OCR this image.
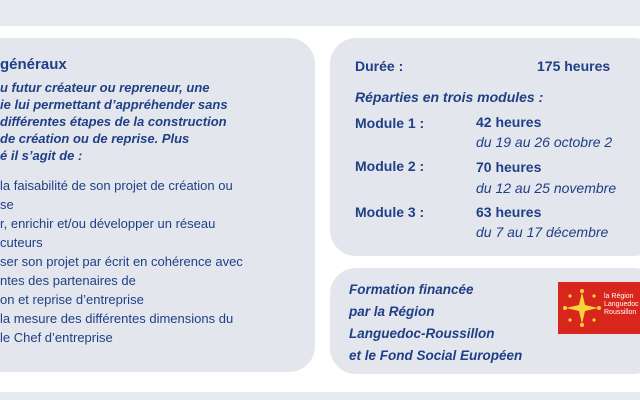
généraux
u futur créateur ou repreneur, une
ie lui permettant d’appréhender sans
différentes étapes de la construction
de création ou de reprise. Plus
é il s’agit de :
la faisabilité de son projet de création ou
se
r, enrichir et/ou développer un réseau
cuteurs
ser son projet par écrit en cohérence avec
ntes des partenaires de
on et reprise d’entreprise
la mesure des différentes dimensions du
le Chef d’entreprise
Durée :	175 heures
Réparties en trois modules :
Module 1 :	42 heures
du 19 au 26 octobre 2
Module 2 :	70 heures
du 12 au 25 novembre
Module 3 :	63 heures
du 7 au 17 décembre
Formation financée
par la Région
Languedoc-Roussillon
et le Fond Social Européen
la Région
Languedoc
Roussillon
